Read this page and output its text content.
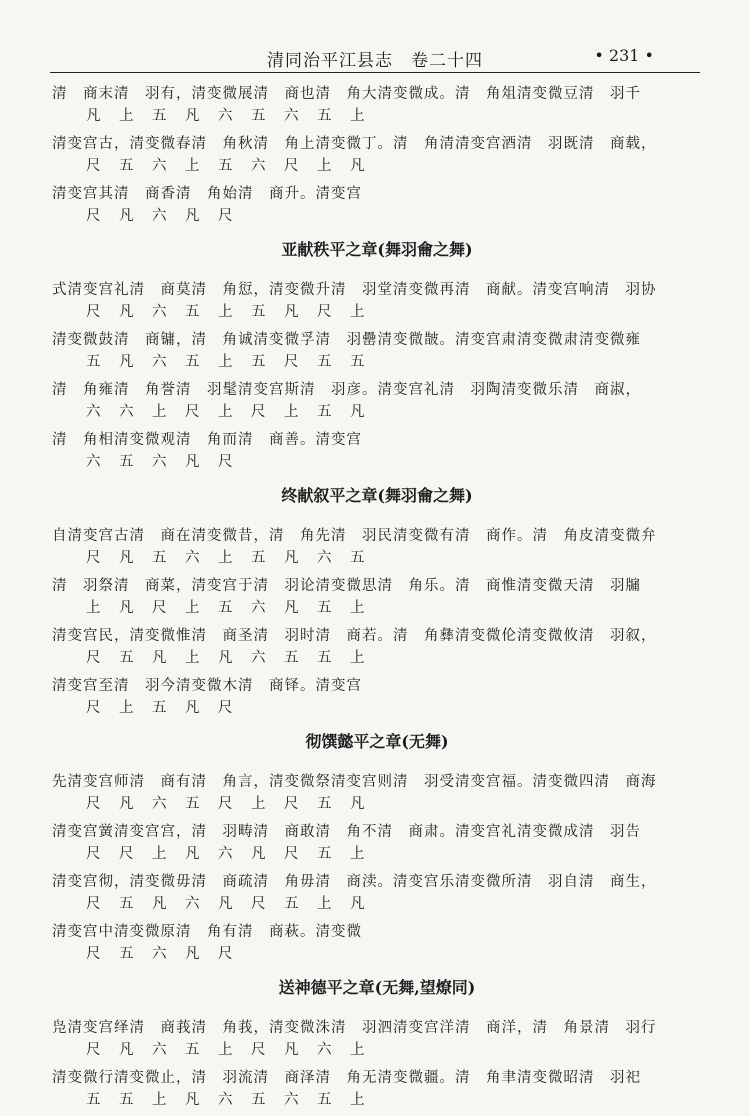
清同治平江县志　卷二十四	• 231 •
清　商末清　羽有，清变微展清　商也清　角大清变微成。清　角俎清变微豆清　羽千
凡　上　五　凡　六　五　六　五　上
清变宫古，清变微春清　角秋清　角上清变微丁。清　角清清变宫酒清　羽既清　商载，
尺　五　六　上　五　六　尺　上　凡
清变宫其清　商香清　角始清　商升。清变宫
尺　凡　六　凡　尺
亚献秩平之章(舞羽龠之舞)
式清变宫礼清　商莫清　角愆，清变微升清　羽堂清变微再清　商献。清变宫响清　羽协
尺　凡　六　五　上　五　凡　尺　上
清变微鼓清　商镛，清　角诚清变微孚清　羽罍清变微皵。清变宫肃清变微肃清变微雍
五　凡　六　五　上　五　尺　五　五
清　角雍清　角誉清　羽髦清变宫斯清　羽彦。清变宫礼清　羽陶清变微乐清　商淑，
六　六　上　尺　上　尺　上　五　凡
清　角相清变微观清　角而清　商善。清变宫
六　五　六　凡　尺
终献叙平之章(舞羽龠之舞)
自清变宫古清　商在清变微昔，清　角先清　羽民清变微有清　商作。清　角皮清变微弁
尺　凡　五　六　上　五　凡　六　五
清　羽祭清　商菜，清变宫于清　羽论清变微思清　角乐。清　商惟清变微天清　羽牖
上　凡　尺　上　五　六　凡　五　上
清变宫民，清变微惟清　商圣清　羽时清　商若。清　角彝清变微伦清变微攸清　羽叙，
尺　五　凡　上　凡　六　五　五　上
清变宫至清　羽今清变微木清　商铎。清变宫
尺　上　五　凡　尺
彻馔懿平之章(无舞)
先清变宫师清　商有清　角言，清变微祭清变宫则清　羽受清变宫福。清变微四清　商海
尺　凡　六　五　尺　上　尺　五　凡
清变宫黉清变宫宫，清　羽畴清　商敢清　角不清　商肃。清变宫礼清变微成清　羽告
尺　尺　上　凡　六　凡　尺　五　上
清变宫彻，清变微毋清　商疏清　角毋清　商渎。清变宫乐清变微所清　羽自清　商生，
尺　五　凡　六　凡　尺　五　上　凡
清变宫中清变微原清　角有清　商萩。清变微
尺　五　六　凡　尺
送神德平之章(无舞,望燎同)
凫清变宫绎清　商莪清　角莪，清变微洙清　羽泗清变宫洋清　商洋，清　角景清　羽行
尺　凡　六　五　上　尺　凡　六　上
清变微行清变微止，清　羽流清　商泽清　角无清变微疆。清　角聿清变微昭清　羽祀
五　五　上　凡　六　五　六　五　上
